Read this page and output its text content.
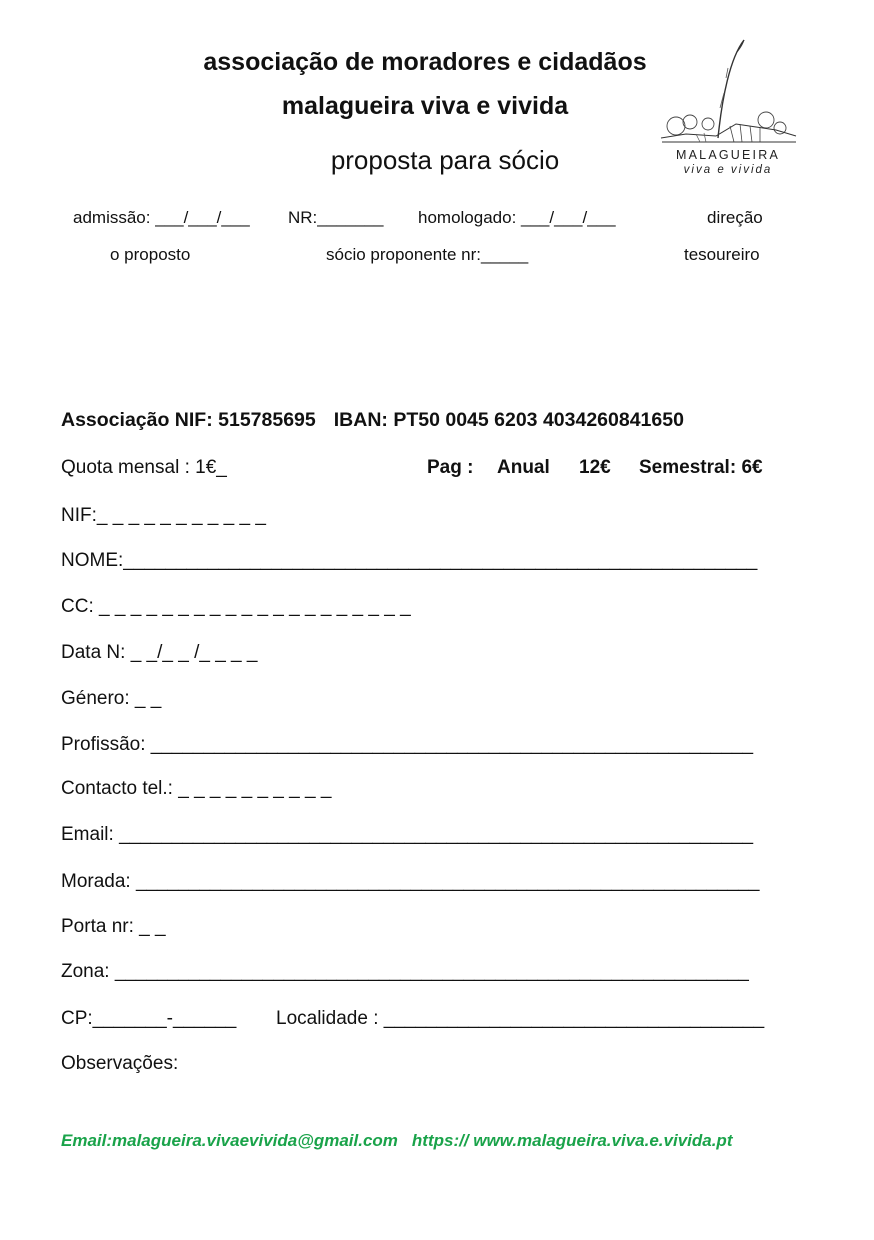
associação de moradores e cidadãos
malagueira viva e vivida
proposta para sócio	MALAGUEIRA
viva e vivida
admissão: ___/___/___ NR:_______ homologado: ___/___/___	direção
o proposto	sócio proponente nr:_____	tesoureiro
Associação NIF: 515785695 IBAN: PT50 0045 6203 4034260841650
Quota mensal : 1€_	Pag : Anual 12€ Semestral: 6€
NIF:_ _ _ _ _ _ _ _ _ _ _
NOME:____________________________________________________________
CC: _ _ _ _ _ _ _ _ _ _ _ _ _ _ _ _ _ _ _ _
Data N: _ _/_ _ /_ _ _ _
Género: _ _
Profissão: _________________________________________________________
Contacto tel.: _ _ _ _ _ _ _ _ _ _
Email: ____________________________________________________________
Morada: ___________________________________________________________
Porta nr: _ _
Zona: ____________________________________________________________
CP:_______-______ Localidade : ____________________________________
Observações:
Email:malagueira.vivaevivida@gmail.com https:// www.malagueira.viva.e.vivida.pt
